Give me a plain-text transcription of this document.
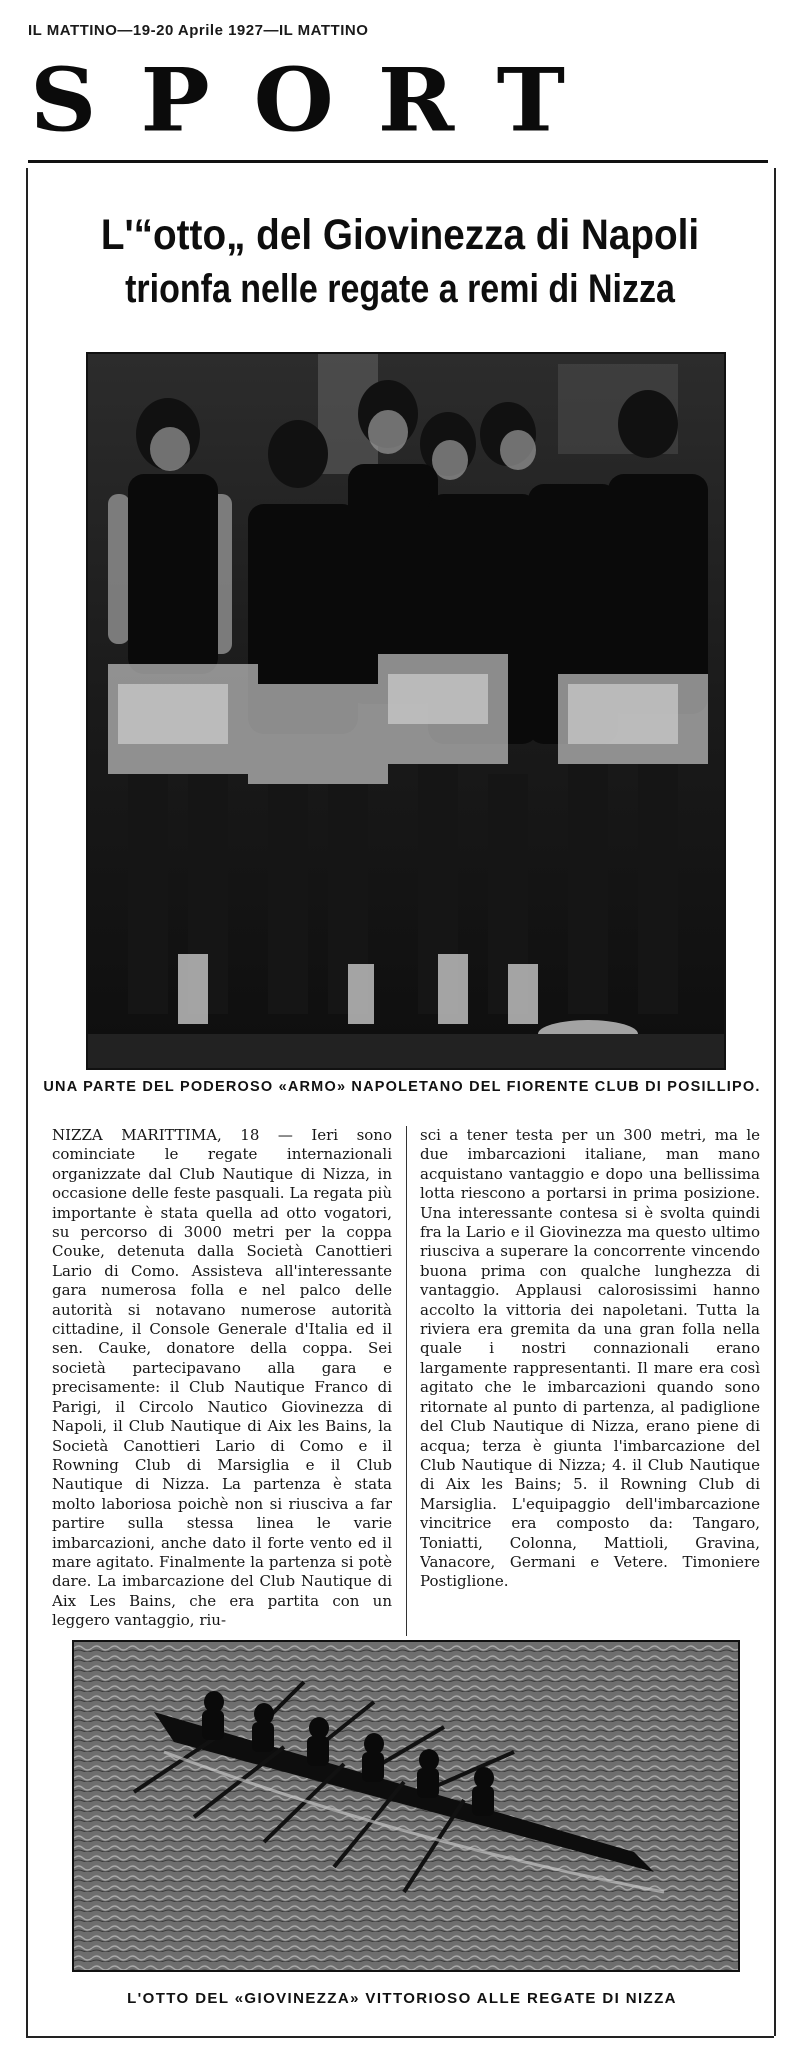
IL MATTINO—19-20 Aprile 1927—IL MATTINO
SPORT
L'“otto„ del Giovinezza di Napoli
trionfa nelle regate a remi di Nizza
UNA PARTE DEL PODEROSO «ARMO» NAPOLETANO DEL FIORENTE CLUB DI POSILLIPO.
NIZZA MARITTIMA, 18 — Ieri sono cominciate le regate internazionali organizzate dal Club Nautique di Nizza, in occasione delle feste pasquali. La regata più importante è stata quella ad otto vogatori, su percorso di 3000 metri per la coppa Couke, detenuta dalla Società Canottieri Lario di Como. Assisteva all'interessante gara numerosa folla e nel palco delle autorità si notavano numerose autorità cittadine, il Console Generale d'Italia ed il sen. Cauke, donatore della coppa. Sei società partecipavano alla gara e precisamente: il Club Nautique Franco di Parigi, il Circolo Nautico Giovinezza di Napoli, il Club Nautique di Aix les Bains, la Società Canottieri Lario di Como e il Rowning Club di Marsiglia e il Club Nautique di Nizza. La partenza è stata molto laboriosa poichè non si riusciva a far partire sulla stessa linea le varie imbarcazioni, anche dato il forte vento ed il mare agitato. Finalmente la partenza si potè dare. La imbarcazione del Club Nautique di Aix Les Bains, che era partita con un leggero vantaggio, riu-
sci a tener testa per un 300 metri, ma le due imbarcazioni italiane, man mano acquistano vantaggio e dopo una bellissima lotta riescono a portarsi in prima posizione. Una interessante contesa si è svolta quindi fra la Lario e il Giovinezza ma questo ultimo riusciva a superare la concorrente vincendo buona prima con qualche lunghezza di vantaggio. Applausi calorosissimi hanno accolto la vittoria dei napoletani. Tutta la riviera era gremita da una gran folla nella quale i nostri connazionali erano largamente rappresentanti. Il mare era così agitato che le imbarcazioni quando sono ritornate al punto di partenza, al padiglione del Club Nautique di Nizza, erano piene di acqua; terza è giunta l'imbarcazione del Club Nautique di Nizza; 4. il Club Nautique di Aix les Bains; 5. il Rowning Club di Marsiglia. L'equipaggio dell'imbarcazione vincitrice era composto da: Tangaro, Toniatti, Colonna, Mattioli, Gravina, Vanacore, Germani e Vetere. Timoniere Postiglione.
L'OTTO DEL «GIOVINEZZA» VITTORIOSO ALLE REGATE DI NIZZA
